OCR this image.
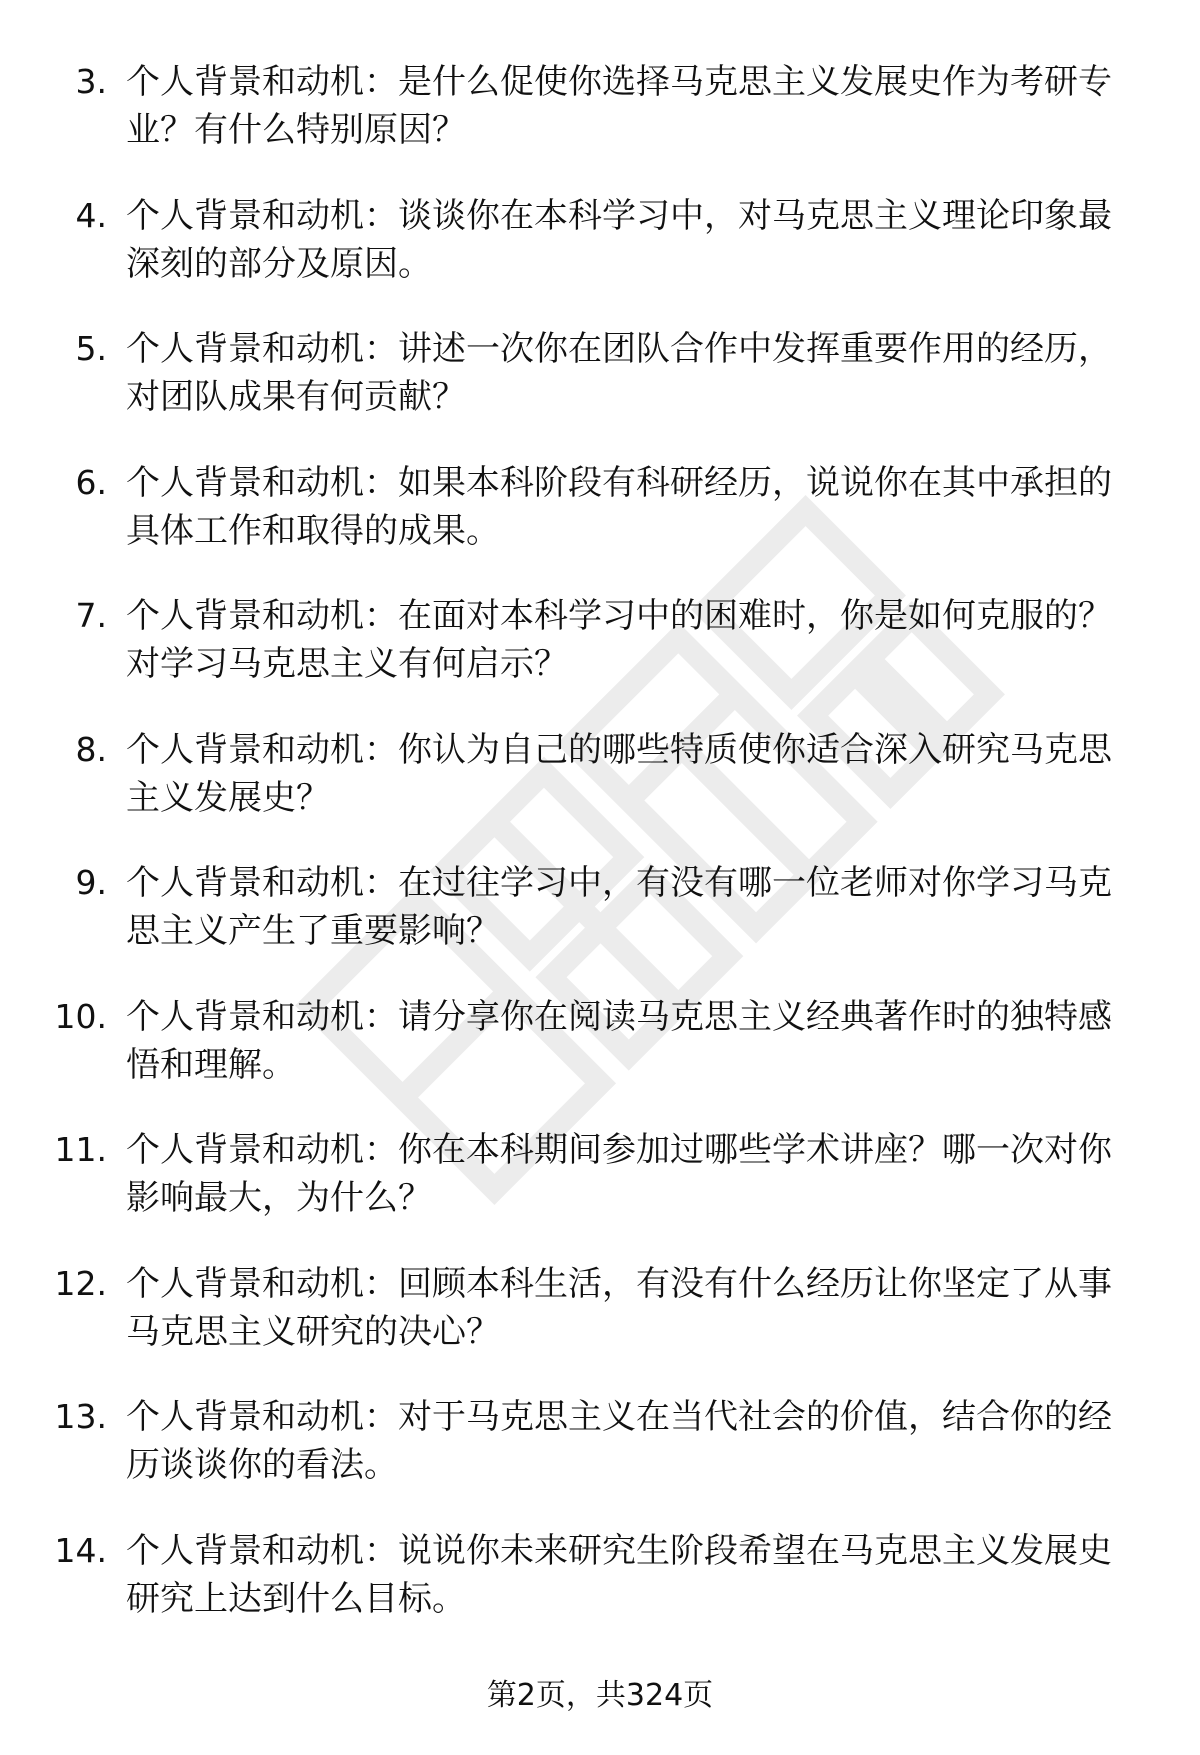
3. 个人背景和动机：是什么促使你选择马克思主义发展史作为考研专业？有什么特别原因？
4. 个人背景和动机：谈谈你在本科学习中，对马克思主义理论印象最深刻的部分及原因。
5. 个人背景和动机：讲述一次你在团队合作中发挥重要作用的经历，对团队成果有何贡献？
6. 个人背景和动机：如果本科阶段有科研经历，说说你在其中承担的具体工作和取得的成果。
7. 个人背景和动机：在面对本科学习中的困难时，你是如何克服的？对学习马克思主义有何启示？
8. 个人背景和动机：你认为自己的哪些特质使你适合深入研究马克思主义发展史？
9. 个人背景和动机：在过往学习中，有没有哪一位老师对你学习马克思主义产生了重要影响？
10. 个人背景和动机：请分享你在阅读马克思主义经典著作时的独特感悟和理解。
11. 个人背景和动机：你在本科期间参加过哪些学术讲座？哪一次对你影响最大，为什么？
12. 个人背景和动机：回顾本科生活，有没有什么经历让你坚定了从事马克思主义研究的决心？
13. 个人背景和动机：对于马克思主义在当代社会的价值，结合你的经历谈谈你的看法。
14. 个人背景和动机：说说你未来研究生阶段希望在马克思主义发展史研究上达到什么目标。
第2页，共324页
